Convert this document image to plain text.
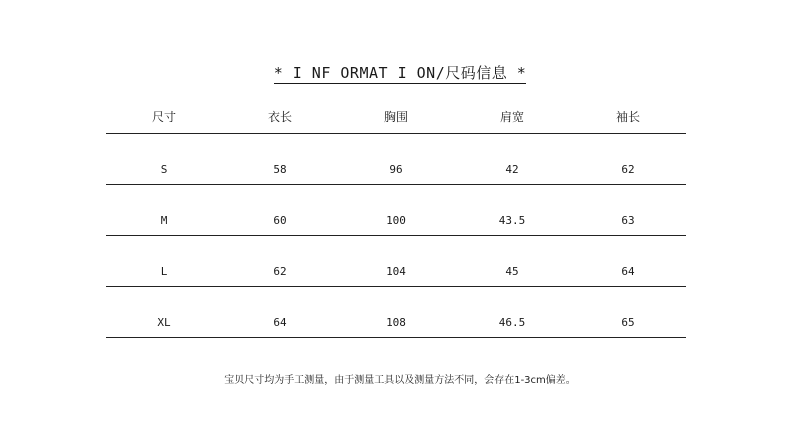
* I NF ORMAT I ON/尺码信息 *
尺寸	衣长	胸围	肩宽	袖长
S	58	96	42	62
M	60	100	43.5	63
L	62	104	45	64
XL	64	108	46.5	65
宝贝尺寸均为手工测量，由于测量工具以及测量方法不同，会存在1-3cm偏差。
